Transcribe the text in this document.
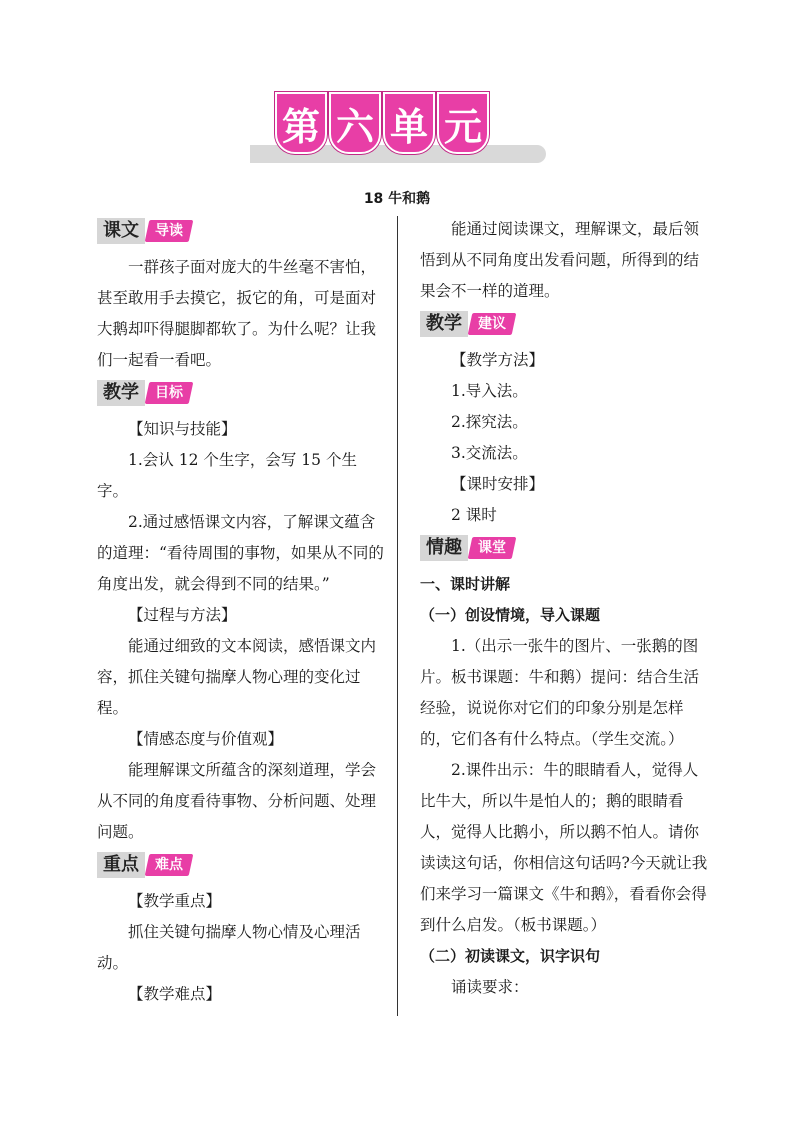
第 六 单 元
18 牛和鹅
课文	导读

一群孩子面对庞大的牛丝毫不害怕，甚至敢用手去摸它，扳它的角，可是面对大鹅却吓得腿脚都软了。为什么呢？让我们一起看一看吧。

教学	目标

【知识与技能】

1.会认 12 个生字，会写 15 个生字。

2.通过感悟课文内容，了解课文蕴含的道理：“看待周围的事物，如果从不同的角度出发，就会得到不同的结果。”

【过程与方法】

能通过细致的文本阅读，感悟课文内容，抓住关键句揣摩人物心理的变化过程。

【情感态度与价值观】

能理解课文所蕴含的深刻道理，学会从不同的角度看待事物、分析问题、处理问题。

重点	难点

【教学重点】

抓住关键句揣摩人物心情及心理活动。

【教学难点】

能通过阅读课文，理解课文，最后领悟到从不同角度出发看问题，所得到的结果会不一样的道理。

教学	建议

【教学方法】

1.导入法。

2.探究法。

3.交流法。

【课时安排】

2 课时

情趣	课堂

一、课时讲解

（一）创设情境，导入课题

1.（出示一张牛的图片、一张鹅的图片。板书课题：牛和鹅）提问：结合生活经验，说说你对它们的印象分别是怎样的，它们各有什么特点。（学生交流。）

2.课件出示：牛的眼睛看人，觉得人比牛大，所以牛是怕人的；鹅的眼睛看人，觉得人比鹅小，所以鹅不怕人。请你读读这句话，你相信这句话吗?今天就让我们来学习一篇课文《牛和鹅》，看看你会得到什么启发。（板书课题。）

（二）初读课文，识字识句

诵读要求：
